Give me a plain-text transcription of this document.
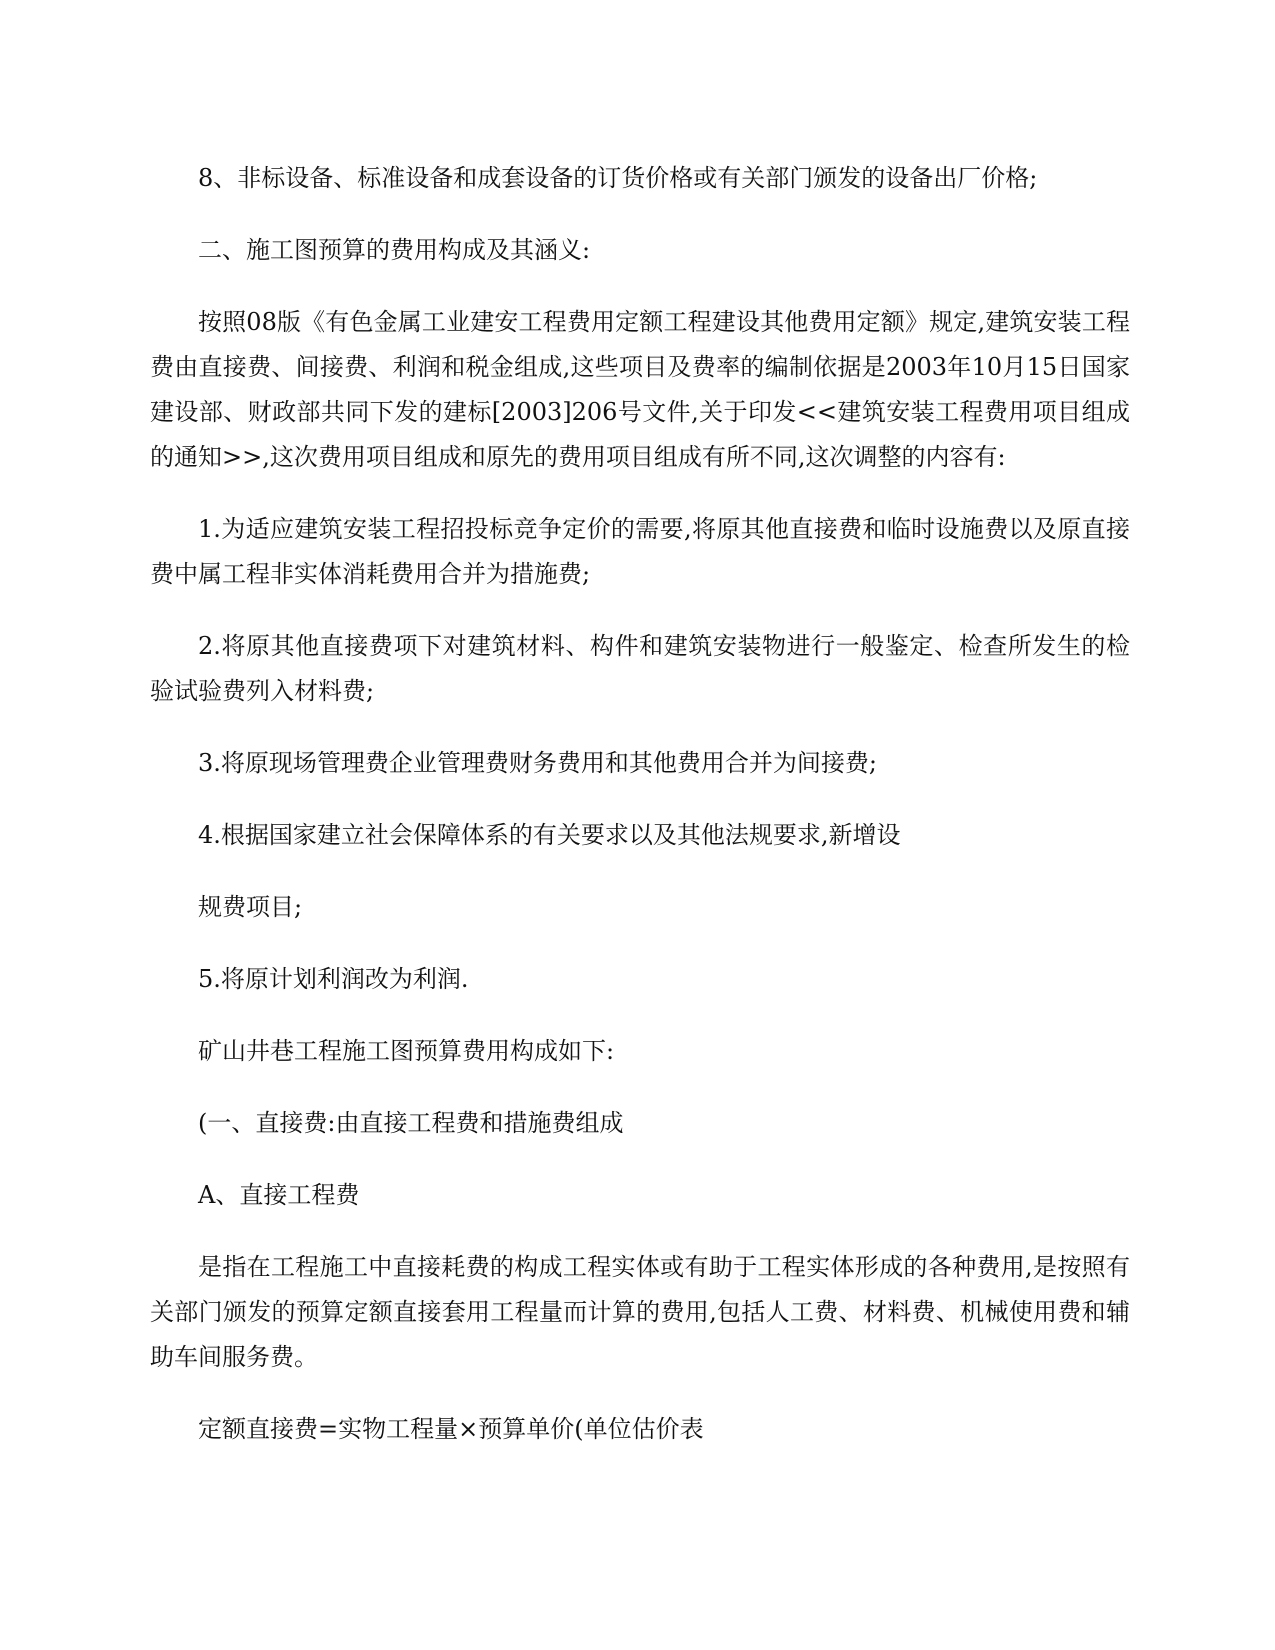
8、非标设备、标准设备和成套设备的订货价格或有关部门颁发的设备出厂价格;

二、施工图预算的费用构成及其涵义:

按照08版《有色金属工业建安工程费用定额工程建设其他费用定额》规定,建筑安装工程费由直接费、间接费、利润和税金组成,这些项目及费率的编制依据是2003年10月15日国家建设部、财政部共同下发的建标[2003]206号文件,关于印发<<建筑安装工程费用项目组成的通知>>,这次费用项目组成和原先的费用项目组成有所不同,这次调整的内容有:

1.为适应建筑安装工程招投标竞争定价的需要,将原其他直接费和临时设施费以及原直接费中属工程非实体消耗费用合并为措施费;

2.将原其他直接费项下对建筑材料、构件和建筑安装物进行一般鉴定、检查所发生的检验试验费列入材料费;

3.将原现场管理费企业管理费财务费用和其他费用合并为间接费;

4.根据国家建立社会保障体系的有关要求以及其他法规要求,新增设

规费项目;

5.将原计划利润改为利润.

矿山井巷工程施工图预算费用构成如下:

(一、直接费:由直接工程费和措施费组成

A、直接工程费

是指在工程施工中直接耗费的构成工程实体或有助于工程实体形成的各种费用,是按照有关部门颁发的预算定额直接套用工程量而计算的费用,包括人工费、材料费、机械使用费和辅助车间服务费。

定额直接费=实物工程量×预算单价(单位估价表
